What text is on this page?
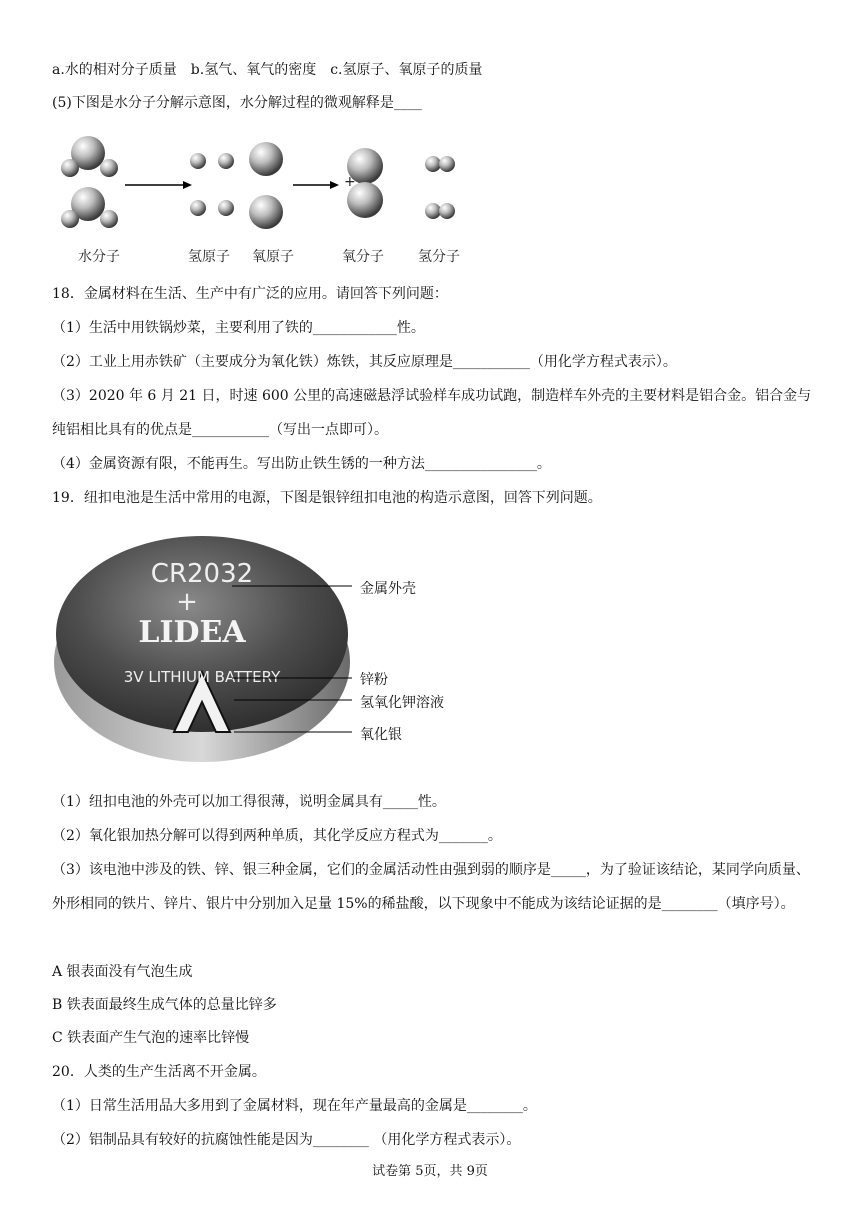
a.水的相对分子质量　b.氢气、氧气的密度　c.氢原子、氧原子的质量
(5)下图是水分子分解示意图，水分解过程的微观解释是____
+
水分子	氢原子 氧原子	氧分子 氢分子
18．金属材料在生活、生产中有广泛的应用。请回答下列问题：
（1）生活中用铁锅炒菜，主要利用了铁的____________性。
（2）工业上用赤铁矿（主要成分为氧化铁）炼铁，其反应原理是___________（用化学方程式表示）。
（3）2020 年 6 月 21 日，时速 600 公里的高速磁悬浮试验样车成功试跑，制造样车外壳的主要材料是铝合金。铝合金与纯铝相比具有的优点是___________（写出一点即可）。
（4）金属资源有限，不能再生。写出防止铁生锈的一种方法________________。
19．纽扣电池是生活中常用的电源，下图是银锌纽扣电池的构造示意图，回答下列问题。
CR2032
+
LIDEA
3V LITHIUM BATTERY
金属外壳
锌粉
氢氧化钾溶液
氧化银
（1）纽扣电池的外壳可以加工得很薄，说明金属具有_____性。
（2）氧化银加热分解可以得到两种单质，其化学反应方程式为_______。
（3）该电池中涉及的铁、锌、银三种金属，它们的金属活动性由强到弱的顺序是_____，为了验证该结论，某同学向质量、外形相同的铁片、锌片、银片中分别加入足量 15%的稀盐酸，以下现象中不能成为该结论证据的是________（填序号）。
A 银表面没有气泡生成
B 铁表面最终生成气体的总量比锌多
C 铁表面产生气泡的速率比锌慢
20．人类的生产生活离不开金属。
（1）日常生活用品大多用到了金属材料，现在年产量最高的金属是________。
（2）铝制品具有较好的抗腐蚀性能是因为________ （用化学方程式表示）。
试卷第 5页，共 9页
